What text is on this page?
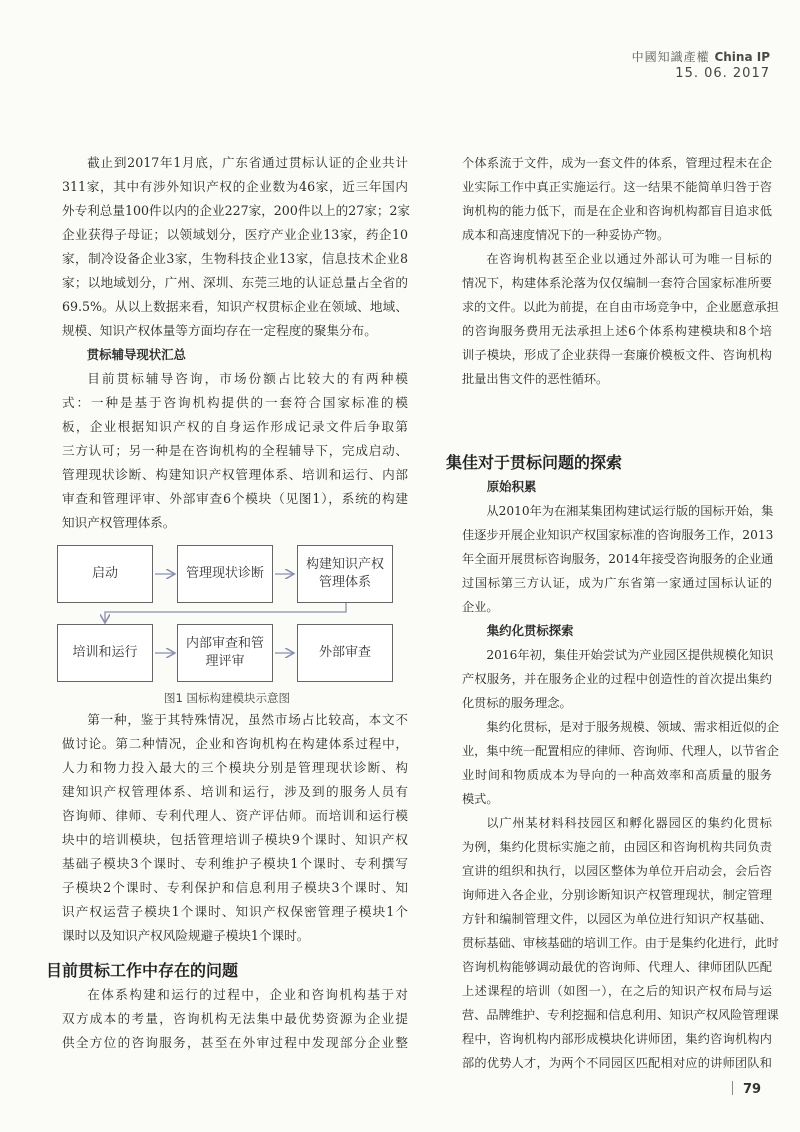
中國知識產權 China IP
15. 06. 2017
截止到2017年1月底，广东省通过贯标认证的企业共计
311家，其中有涉外知识产权的企业数为46家，近三年国内
外专利总量100件以内的企业227家，200件以上的27家；2家
企业获得子母证；以领域划分，医疗产业企业13家，药企10
家，制冷设备企业3家，生物科技企业13家，信息技术企业8
家；以地域划分，广州、深圳、东莞三地的认证总量占全省的
69.5%。从以上数据来看，知识产权贯标企业在领域、地域、
规模、知识产权体量等方面均存在一定程度的聚集分布。
贯标辅导现状汇总
目前贯标辅导咨询，市场份额占比较大的有两种模
式：一种是基于咨询机构提供的一套符合国家标准的模
板，企业根据知识产权的自身运作形成记录文件后争取第
三方认可；另一种是在咨询机构的全程辅导下，完成启动、
管理现状诊断、构建知识产权管理体系、培训和运行、内部
审查和管理评审、外部审查6个模块（见图1），系统的构建
知识产权管理体系。
启动	管理现状诊断
构建知识产权管理体系
培训和运行
内部审查和管理评审
外部审查
图1 国标构建模块示意图
第一种，鉴于其特殊情况，虽然市场占比较高，本文不
做讨论。第二种情况，企业和咨询机构在构建体系过程中，
人力和物力投入最大的三个模块分别是管理现状诊断、构
建知识产权管理体系、培训和运行，涉及到的服务人员有
咨询师、律师、专利代理人、资产评估师。而培训和运行模
块中的培训模块，包括管理培训子模块9个课时、知识产权
基础子模块3个课时、专利维护子模块1个课时、专利撰写
子模块2个课时、专利保护和信息利用子模块3个课时、知
识产权运营子模块1个课时、知识产权保密管理子模块1个
课时以及知识产权风险规避子模块1个课时。
目前贯标工作中存在的问题
在体系构建和运行的过程中，企业和咨询机构基于对
双方成本的考量，咨询机构无法集中最优势资源为企业提
供全方位的咨询服务，甚至在外审过程中发现部分企业整
个体系流于文件，成为一套文件的体系，管理过程未在企
业实际工作中真正实施运行。这一结果不能简单归咎于咨
询机构的能力低下，而是在企业和咨询机构都盲目追求低
成本和高速度情况下的一种妥协产物。
在咨询机构甚至企业以通过外部认可为唯一目标的
情况下，构建体系沦落为仅仅编制一套符合国家标准所要
求的文件。以此为前提，在自由市场竞争中，企业愿意承担
的咨询服务费用无法承担上述6个体系构建模块和8个培
训子模块，形成了企业获得一套廉价模板文件、咨询机构
批量出售文件的恶性循环。
集佳对于贯标问题的探索
原始积累
从2010年为在湘某集团构建试运行版的国标开始，集
佳逐步开展企业知识产权国家标准的咨询服务工作，2013
年全面开展贯标咨询服务，2014年接受咨询服务的企业通
过国标第三方认证，成为广东省第一家通过国标认证的
企业。
集约化贯标探索
2016年初，集佳开始尝试为产业园区提供规模化知识
产权服务，并在服务企业的过程中创造性的首次提出集约
化贯标的服务理念。
集约化贯标，是对于服务规模、领域、需求相近似的企
业，集中统一配置相应的律师、咨询师、代理人，以节省企
业时间和物质成本为导向的一种高效率和高质量的服务
模式。
以广州某材料科技园区和孵化器园区的集约化贯标
为例，集约化贯标实施之前，由园区和咨询机构共同负责
宣讲的组织和执行，以园区整体为单位开启动会，会后咨
询师进入各企业，分别诊断知识产权管理现状，制定管理
方针和编制管理文件，以园区为单位进行知识产权基础、
贯标基础、审核基础的培训工作。由于是集约化进行，此时
咨询机构能够调动最优的咨询师、代理人、律师团队匹配
上述课程的培训（如图一），在之后的知识产权布局与运
营、品牌维护、专利挖掘和信息利用、知识产权风险管理课
程中，咨询机构内部形成模块化讲师团，集约咨询机构内
部的优势人才，为两个不同园区匹配相对应的讲师团队和
79
